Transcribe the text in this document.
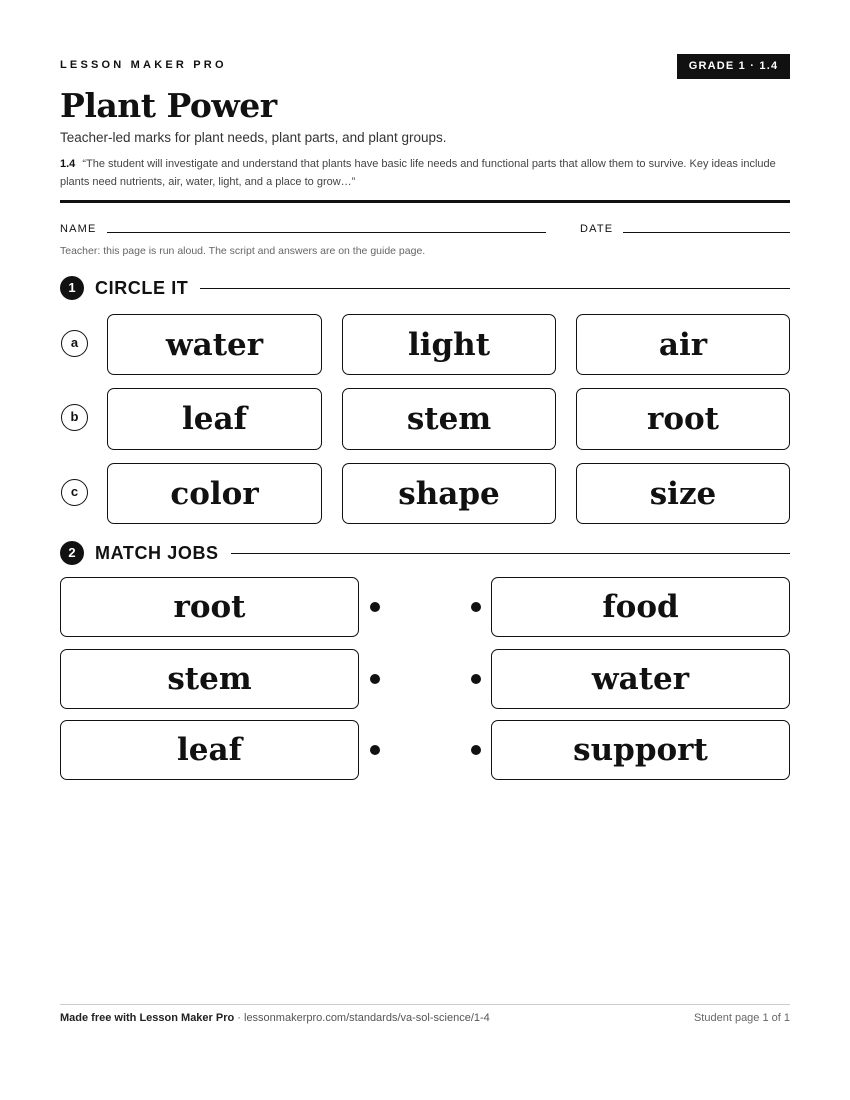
LESSON MAKER PRO	GRADE 1 · 1.4
Plant Power
Teacher-led marks for plant needs, plant parts, and plant groups.
1.4 “The student will investigate and understand that plants have basic life needs and functional parts that allow them to survive. Key ideas include plants need nutrients, air, water, light, and a place to grow…”
NAME	DATE
Teacher: this page is run aloud. The script and answers are on the guide page.
1	CIRCLE IT
a	water	light	air
b	leaf	stem	root
c	color	shape	size
2	MATCH JOBS
root	food
stem	water
leaf	support
Made free with Lesson Maker Pro · lessonmakerpro.com/standards/va-sol-science/1-4	Student page 1 of 1
